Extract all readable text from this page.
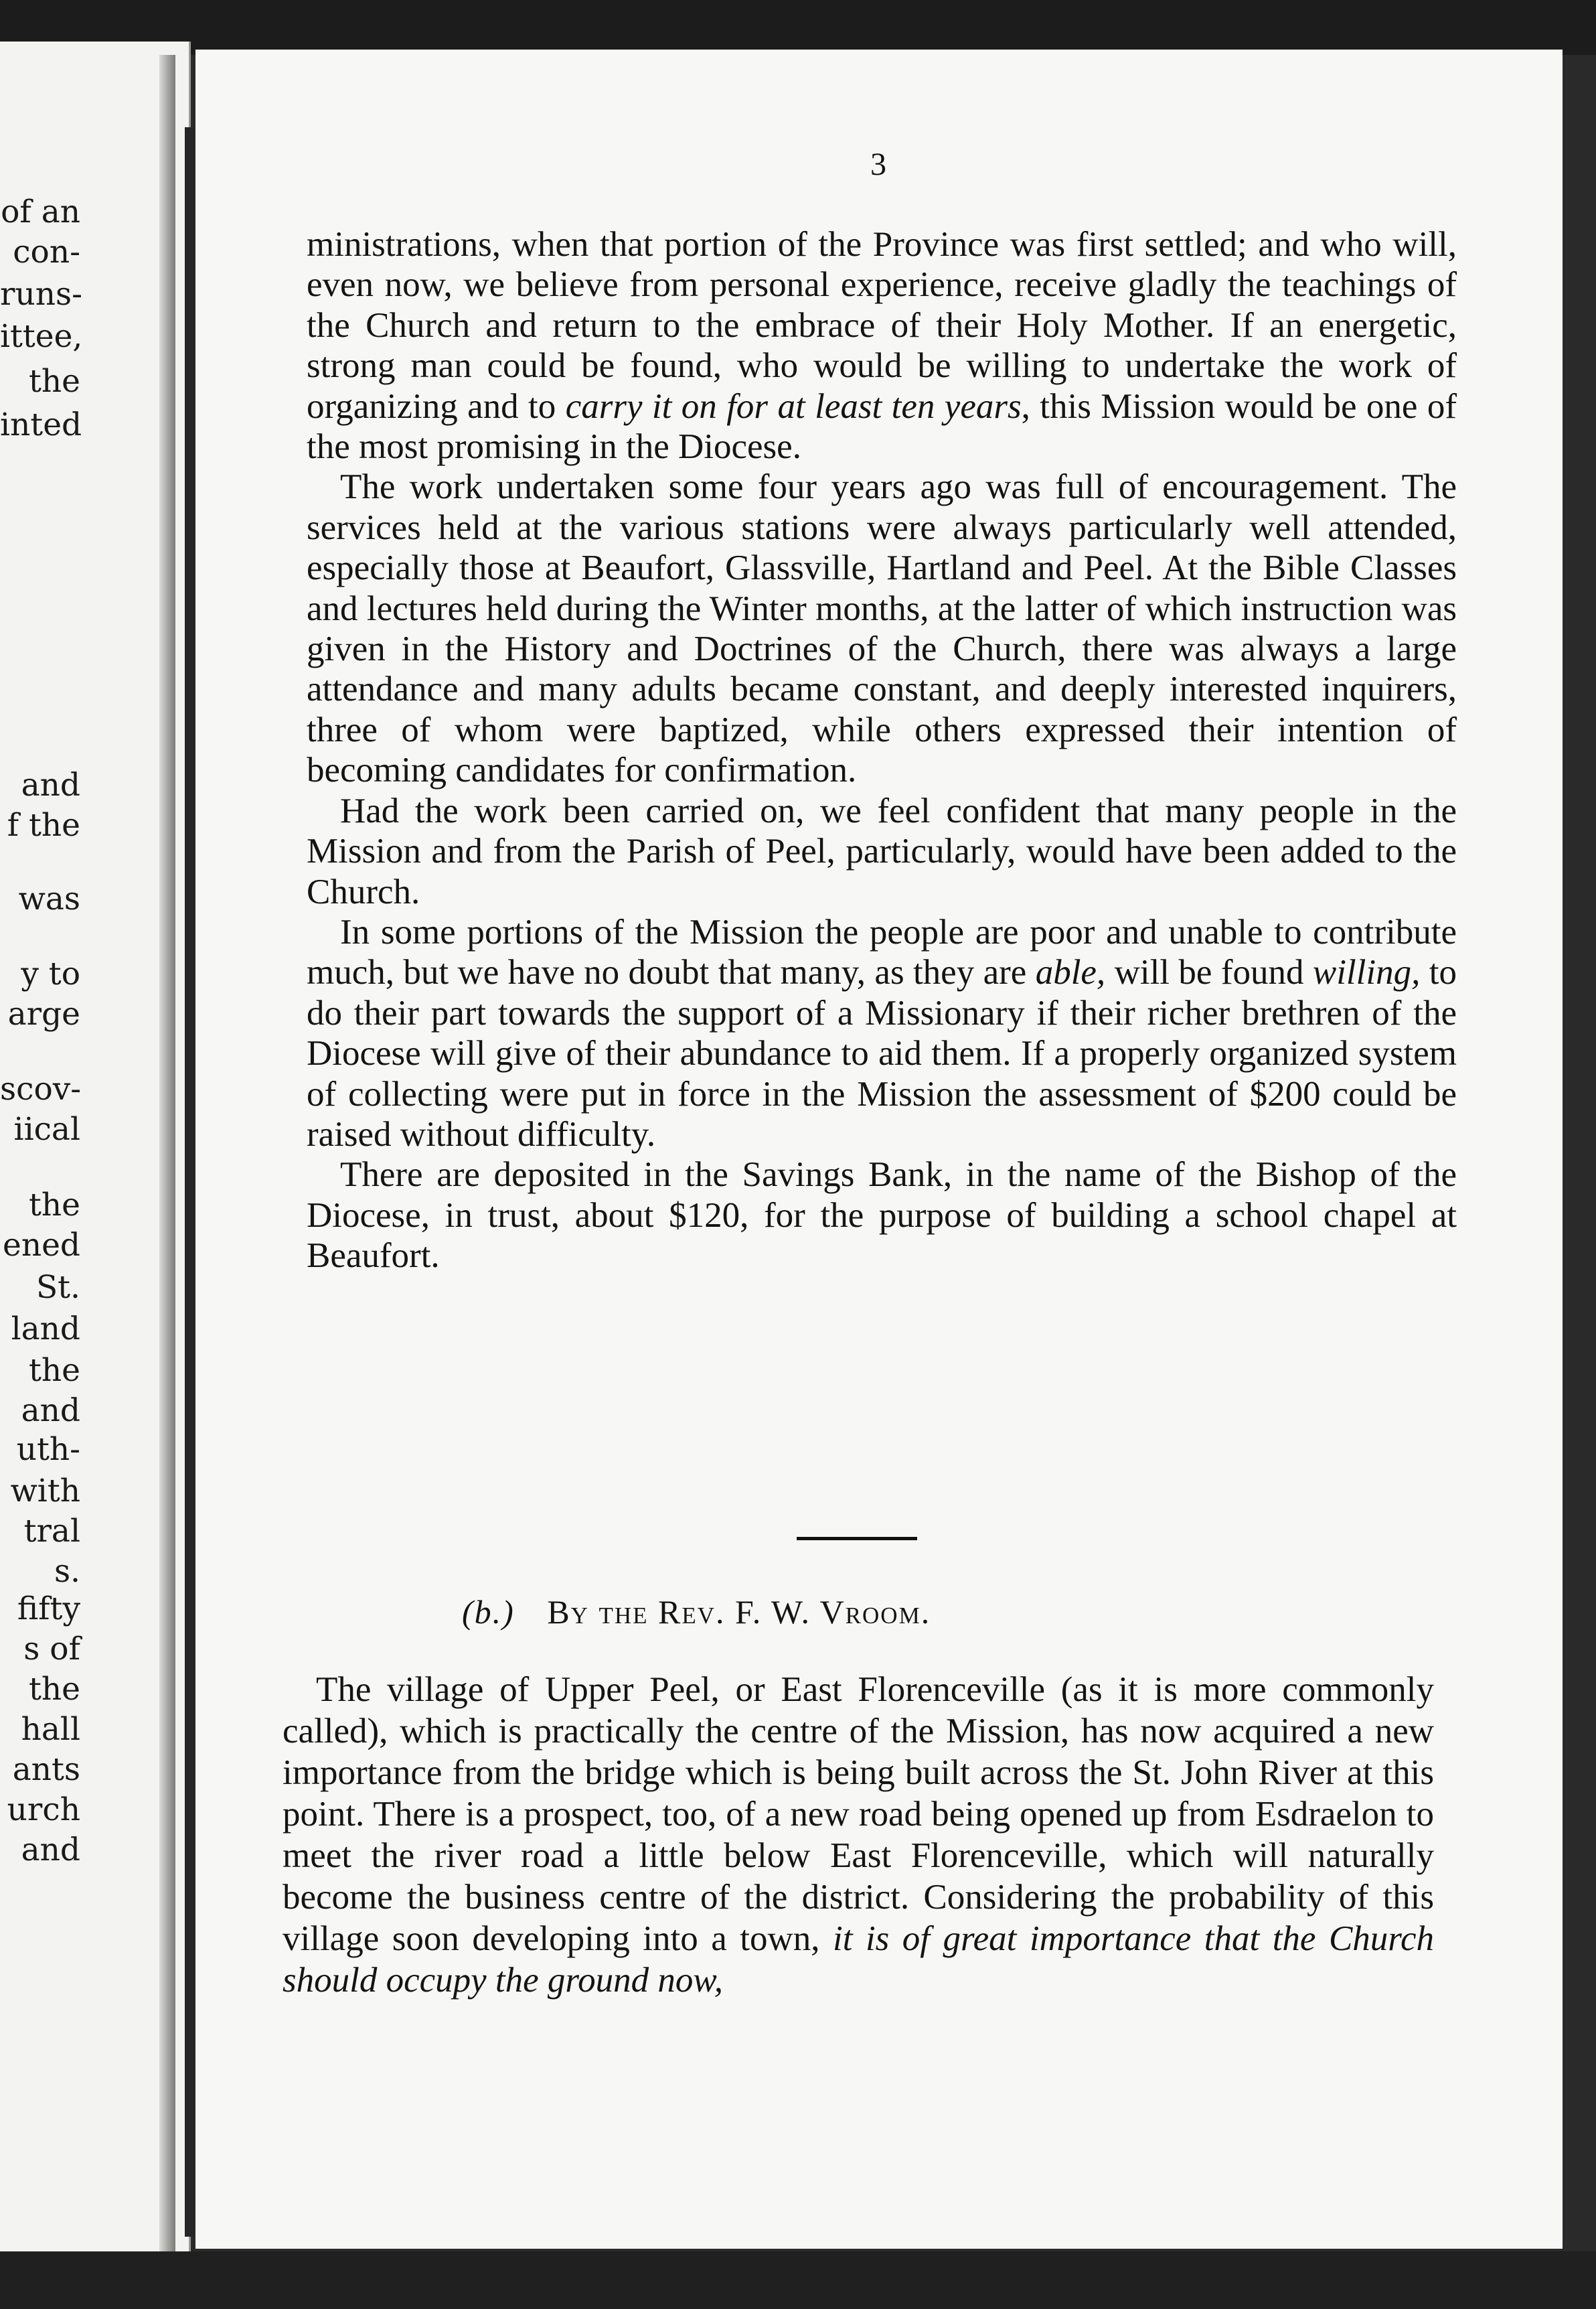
of an
con-
runs-
ittee,
the
inted
and
f the
was
y to
arge
scov-
iical
the
ened
St.
land
the
and
uth-
with
tral
s.
fifty
s of
the
hall
ants
urch
and
3

ministrations, when that portion of the Province was first settled; and who will, even now, we believe from personal experience, receive gladly the teachings of the Church and return to the embrace of their Holy Mother. If an energetic, strong man could be found, who would be willing to undertake the work of organizing and to carry it on for at least ten years, this Mission would be one of the most promising in the Diocese.

The work undertaken some four years ago was full of encouragement. The services held at the various stations were always particularly well attended, especially those at Beaufort, Glassville, Hartland and Peel. At the Bible Classes and lectures held during the Winter months, at the latter of which instruction was given in the History and Doctrines of the Church, there was always a large attendance and many adults became constant, and deeply interested inquirers, three of whom were baptized, while others expressed their intention of becoming candidates for confirmation.

Had the work been carried on, we feel confident that many people in the Mission and from the Parish of Peel, particularly, would have been added to the Church.

In some portions of the Mission the people are poor and unable to contribute much, but we have no doubt that many, as they are able, will be found willing, to do their part towards the support of a Missionary if their richer brethren of the Diocese will give of their abundance to aid them. If a properly organized system of collecting were put in force in the Mission the assessment of $200 could be raised without difficulty.

There are deposited in the Savings Bank, in the name of the Bishop of the Diocese, in trust, about $120, for the purpose of building a school chapel at Beaufort.

(b.) By the Rev. F. W. Vroom.

The village of Upper Peel, or East Florenceville (as it is more commonly called), which is practically the centre of the Mission, has now acquired a new importance from the bridge which is being built across the St. John River at this point. There is a prospect, too, of a new road being opened up from Esdraelon to meet the river road a little below East Florenceville, which will naturally become the business centre of the district. Considering the probability of this village soon developing into a town, it is of great importance that the Church should occupy the ground now,
